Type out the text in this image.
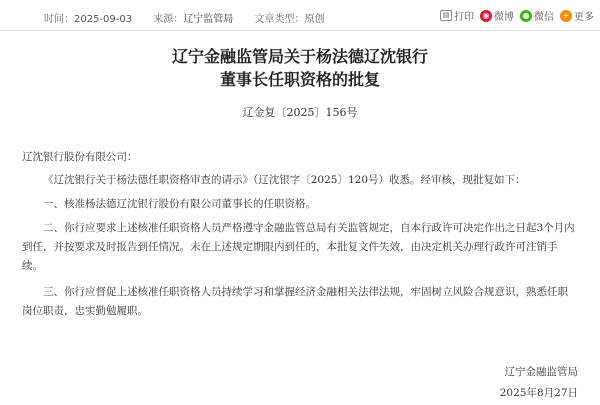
时间：2025-09-03 来源：辽宁监管局 文章类型：原创	▤ 打印	◉ 微博	● 微信	+ 更多
辽宁金融监管局关于杨法德辽沈银行
董事长任职资格的批复
辽金复〔2025〕156号

辽沈银行股份有限公司：

《辽沈银行关于杨法德任职资格审查的请示》（辽沈银字〔2025〕120号）收悉。经审核，现批复如下：

一、核准杨法德辽沈银行股份有限公司董事长的任职资格。

二、你行应要求上述核准任职资格人员严格遵守金融监管总局有关监管规定，自本行政许可决定作出之日起3个月内到任，并按要求及时报告到任情况。未在上述规定期限内到任的，本批复文件失效，由决定机关办理行政许可注销手续。

三、你行应督促上述核准任职资格人员持续学习和掌握经济金融相关法律法规，牢固树立风险合规意识，熟悉任职岗位职责，忠实勤勉履职。

辽宁金融监管局
2025年8月27日
